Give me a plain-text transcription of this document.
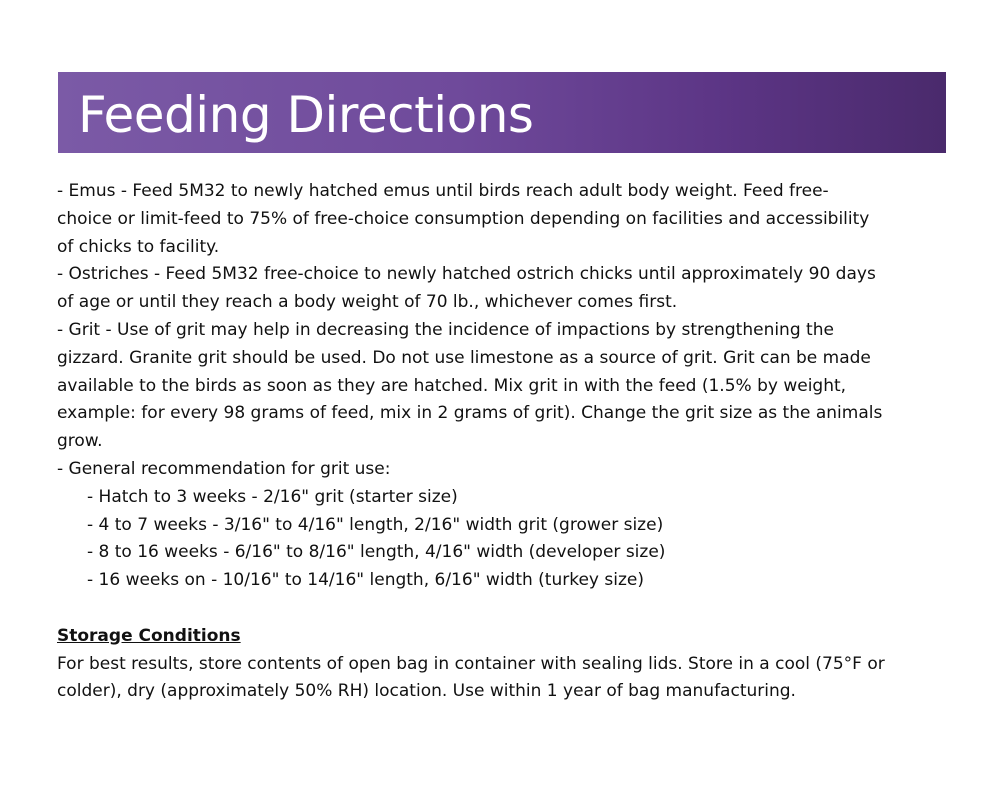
Feeding Directions
- Emus - Feed 5M32 to newly hatched emus until birds reach adult body weight. Feed free-
choice or limit-feed to 75% of free-choice consumption depending on facilities and accessibility
of chicks to facility.
- Ostriches - Feed 5M32 free-choice to newly hatched ostrich chicks until approximately 90 days
of age or until they reach a body weight of 70 lb., whichever comes first.
- Grit - Use of grit may help in decreasing the incidence of impactions by strengthening the
gizzard. Granite grit should be used. Do not use limestone as a source of grit. Grit can be made
available to the birds as soon as they are hatched. Mix grit in with the feed (1.5% by weight,
example: for every 98 grams of feed, mix in 2 grams of grit). Change the grit size as the animals
grow.
- General recommendation for grit use:
- Hatch to 3 weeks - 2/16" grit (starter size)
- 4 to 7 weeks - 3/16" to 4/16" length, 2/16" width grit (grower size)
- 8 to 16 weeks - 6/16" to 8/16" length, 4/16" width (developer size)
- 16 weeks on - 10/16" to 14/16" length, 6/16" width (turkey size)
Storage Conditions
For best results, store contents of open bag in container with sealing lids. Store in a cool (75°F or
colder), dry (approximately 50% RH) location. Use within 1 year of bag manufacturing.
